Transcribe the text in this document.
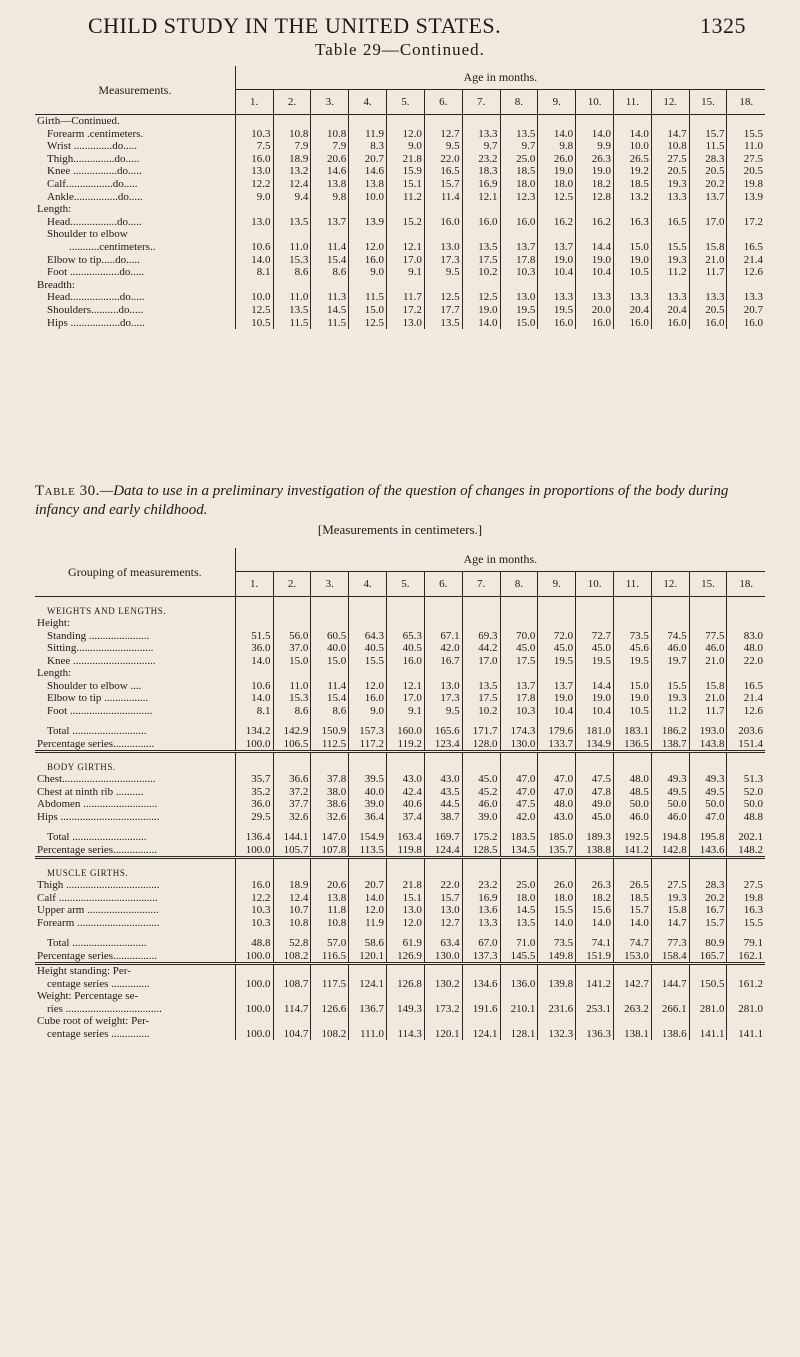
CHILD STUDY IN THE UNITED STATES.	1325
Table 29—Continued.
Measurements.	Age in months.													
	1.	2.	3.	4.	5.	6.	7.	8.	9.	10.	11.	12.	15.	18.
Girth—Continued.														
Forearm .centimeters.	10.3	10.8	10.8	11.9	12.0	12.7	13.3	13.5	14.0	14.0	14.0	14.7	15.7	15.5
Wrist ..............do.....	7.5	7.9	7.9	8.3	9.0	9.5	9.7	9.7	9.8	9.9	10.0	10.8	11.5	11.0
Thigh...............do.....	16.0	18.9	20.6	20.7	21.8	22.0	23.2	25.0	26.0	26.3	26.5	27.5	28.3	27.5
Knee ................do.....	13.0	13.2	14.6	14.6	15.9	16.5	18.3	18.5	19.0	19.0	19.2	20.5	20.5	20.5
Calf.................do.....	12.2	12.4	13.8	13.8	15.1	15.7	16.9	18.0	18.0	18.2	18.5	19.3	20.2	19.8
Ankle................do.....	9.0	9.4	9.8	10.0	11.2	11.4	12.1	12.3	12.5	12.8	13.2	13.3	13.7	13.9
Length:														
Head.................do.....	13.0	13.5	13.7	13.9	15.2	16.0	16.0	16.0	16.2	16.2	16.3	16.5	17.0	17.2
Shoulder to elbow														
...........centimeters..	10.6	11.0	11.4	12.0	12.1	13.0	13.5	13.7	13.7	14.4	15.0	15.5	15.8	16.5
Elbow to tip.....do.....	14.0	15.3	15.4	16.0	17.0	17.3	17.5	17.8	19.0	19.0	19.0	19.3	21.0	21.4
Foot ..................do.....	8.1	8.6	8.6	9.0	9.1	9.5	10.2	10.3	10.4	10.4	10.5	11.2	11.7	12.6
Breadth:														
Head..................do.....	10.0	11.0	11.3	11.5	11.7	12.5	12.5	13.0	13.3	13.3	13.3	13.3	13.3	13.3
Shoulders..........do.....	12.5	13.5	14.5	15.0	17.2	17.7	19.0	19.5	19.5	20.0	20.4	20.4	20.5	20.7
Hips ..................do.....	10.5	11.5	11.5	12.5	13.0	13.5	14.0	15.0	16.0	16.0	16.0	16.0	16.0	16.0
Table 30.—Data to use in a preliminary investigation of the question of changes in proportions of the body during infancy and early childhood.
[Measurements in centimeters.]
Grouping of measurements.	Age in months.													
	1.	2.	3.	4.	5.	6.	7.	8.	9.	10.	11.	12.	15.	18.
WEIGHTS AND LENGTHS.														
Height:														
Standing ......................	51.5	56.0	60.5	64.3	65.3	67.1	69.3	70.0	72.0	72.7	73.5	74.5	77.5	83.0
Sitting............................	36.0	37.0	40.0	40.5	40.5	42.0	44.2	45.0	45.0	45.0	45.6	46.0	46.0	48.0
Knee ..............................	14.0	15.0	15.0	15.5	16.0	16.7	17.0	17.5	19.5	19.5	19.5	19.7	21.0	22.0
Length:														
Shoulder to elbow ....	10.6	11.0	11.4	12.0	12.1	13.0	13.5	13.7	13.7	14.4	15.0	15.5	15.8	16.5
Elbow to tip ................	14.0	15.3	15.4	16.0	17.0	17.3	17.5	17.8	19.0	19.0	19.0	19.3	21.0	21.4
Foot ..............................	8.1	8.6	8.6	9.0	9.1	9.5	10.2	10.3	10.4	10.4	10.5	11.2	11.7	12.6

Total ...........................	134.2	142.9	150.9	157.3	160.0	165.6	171.7	174.3	179.6	181.0	183.1	186.2	193.0	203.6
Percentage series...............	100.0	106.5	112.5	117.2	119.2	123.4	128.0	130.0	133.7	134.9	136.5	138.7	143.8	151.4
BODY GIRTHS.														
Chest..................................	35.7	36.6	37.8	39.5	43.0	43.0	45.0	47.0	47.0	47.5	48.0	49.3	49.3	51.3
Chest at ninth rib ..........	35.2	37.2	38.0	40.0	42.4	43.5	45.2	47.0	47.0	47.8	48.5	49.5	49.5	52.0
Abdomen ...........................	36.0	37.7	38.6	39.0	40.6	44.5	46.0	47.5	48.0	49.0	50.0	50.0	50.0	50.0
Hips ....................................	29.5	32.6	32.6	36.4	37.4	38.7	39.0	42.0	43.0	45.0	46.0	46.0	47.0	48.8

Total ...........................	136.4	144.1	147.0	154.9	163.4	169.7	175.2	183.5	185.0	189.3	192.5	194.8	195.8	202.1
Percentage series................	100.0	105.7	107.8	113.5	119.8	124.4	128.5	134.5	135.7	138.8	141.2	142.8	143.6	148.2
MUSCLE GIRTHS.														
Thigh ..................................	16.0	18.9	20.6	20.7	21.8	22.0	23.2	25.0	26.0	26.3	26.5	27.5	28.3	27.5
Calf ....................................	12.2	12.4	13.8	14.0	15.1	15.7	16.9	18.0	18.0	18.2	18.5	19.3	20.2	19.8
Upper arm ..........................	10.3	10.7	11.8	12.0	13.0	13.0	13.6	14.5	15.5	15.6	15.7	15.8	16.7	16.3
Forearm ..............................	10.3	10.8	10.8	11.9	12.0	12.7	13.3	13.5	14.0	14.0	14.0	14.7	15.7	15.5

Total ...........................	48.8	52.8	57.0	58.6	61.9	63.4	67.0	71.0	73.5	74.1	74.7	77.3	80.9	79.1
Percentage series................	100.0	108.2	116.5	120.1	126.9	130.0	137.3	145.5	149.8	151.9	153.0	158.4	165.7	162.1
Height standing: Per-														
centage series ..............	100.0	108.7	117.5	124.1	126.8	130.2	134.6	136.0	139.8	141.2	142.7	144.7	150.5	161.2
Weight: Percentage se-														
ries ...................................	100.0	114.7	126.6	136.7	149.3	173.2	191.6	210.1	231.6	253.1	263.2	266.1	281.0	281.0
Cube root of weight: Per-														
centage series ..............	100.0	104.7	108.2	111.0	114.3	120.1	124.1	128.1	132.3	136.3	138.1	138.6	141.1	141.1
